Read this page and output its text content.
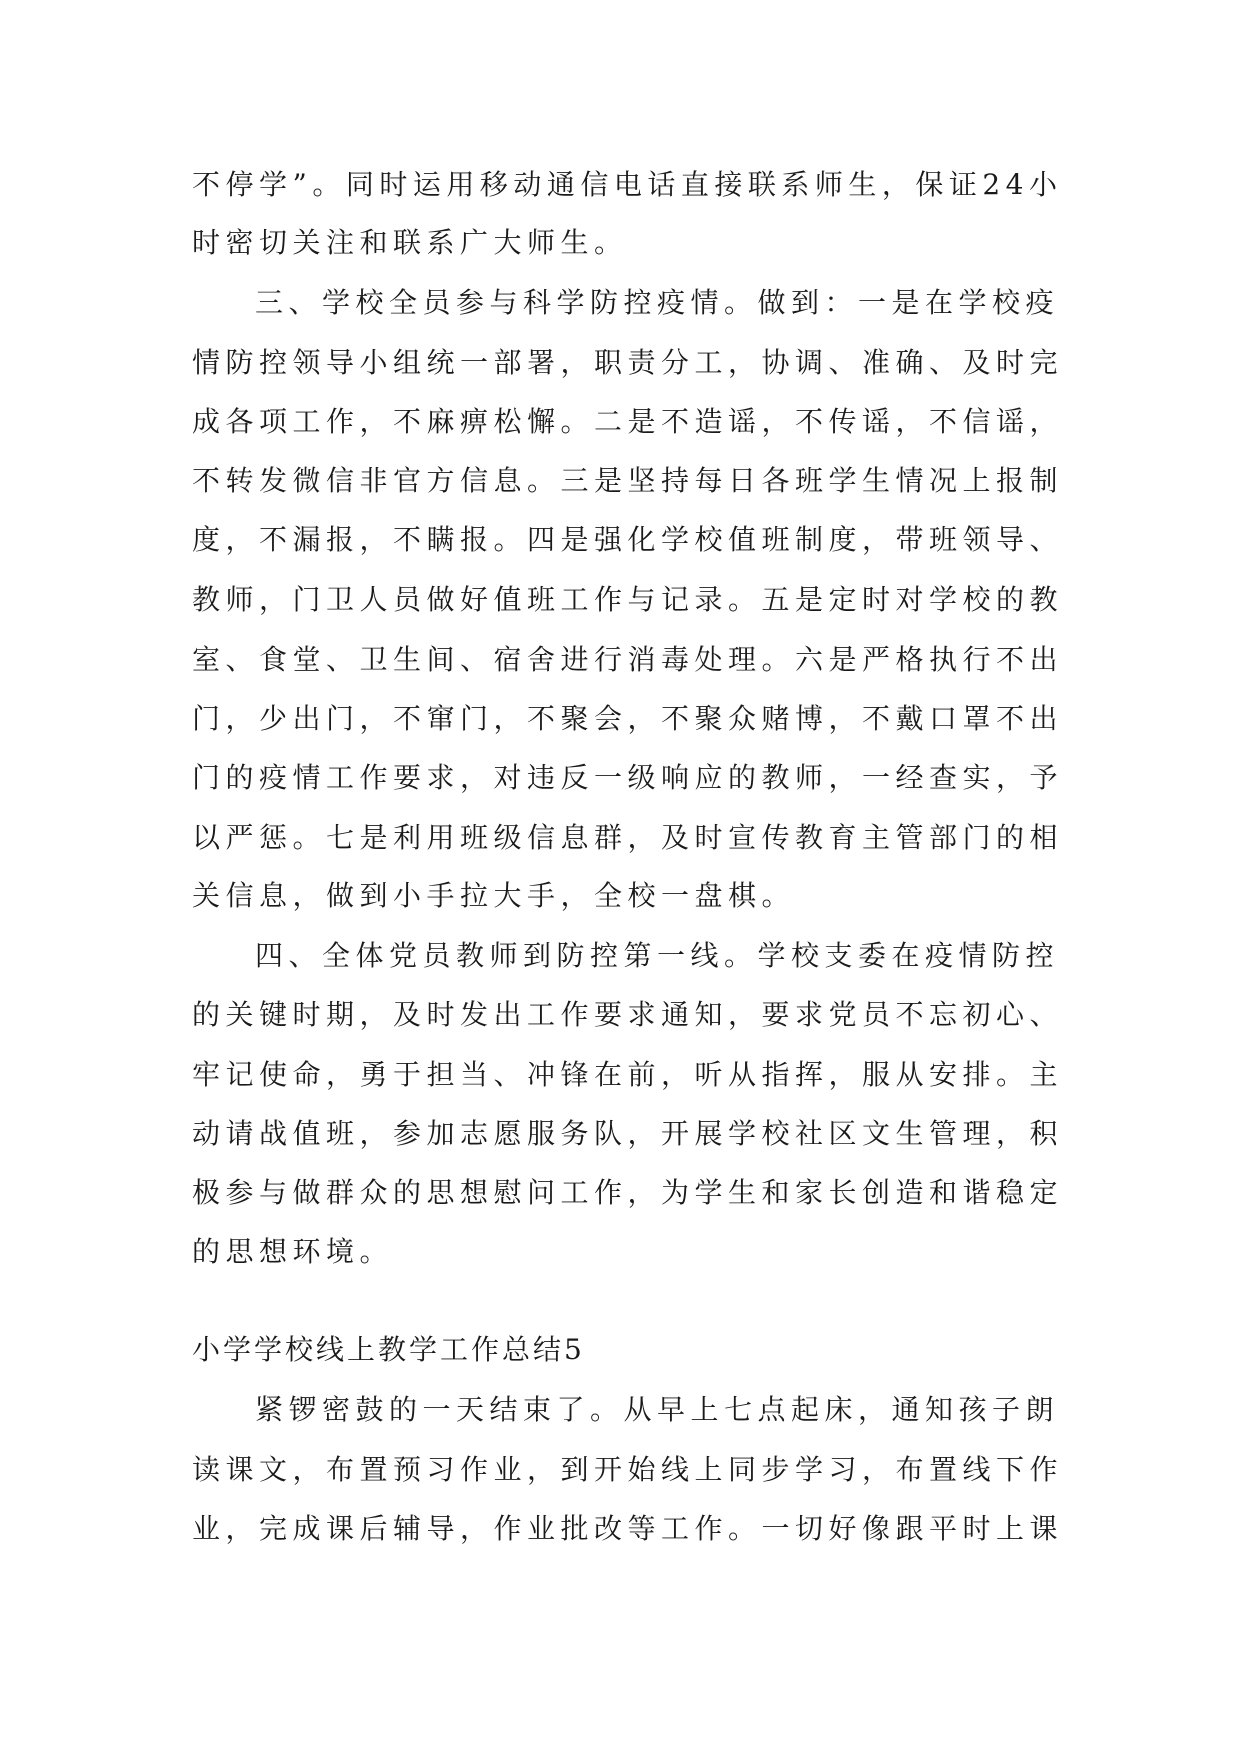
不停学”。同时运用移动通信电话直接联系师生，保证24小
时密切关注和联系广大师生。
三、学校全员参与科学防控疫情。做到：一是在学校疫
情防控领导小组统一部署，职责分工，协调、准确、及时完
成各项工作，不麻痹松懈。二是不造谣，不传谣，不信谣，
不转发微信非官方信息。三是坚持每日各班学生情况上报制
度，不漏报，不瞒报。四是强化学校值班制度，带班领导、
教师，门卫人员做好值班工作与记录。五是定时对学校的教
室、食堂、卫生间、宿舍进行消毒处理。六是严格执行不出
门，少出门，不窜门，不聚会，不聚众赌博，不戴口罩不出
门的疫情工作要求，对违反一级响应的教师，一经查实，予
以严惩。七是利用班级信息群，及时宣传教育主管部门的相
关信息，做到小手拉大手，全校一盘棋。
四、全体党员教师到防控第一线。学校支委在疫情防控
的关键时期，及时发出工作要求通知，要求党员不忘初心、
牢记使命，勇于担当、冲锋在前，听从指挥，服从安排。主
动请战值班，参加志愿服务队，开展学校社区文生管理，积
极参与做群众的思想慰问工作，为学生和家长创造和谐稳定
的思想环境。
小学学校线上教学工作总结5
紧锣密鼓的一天结束了。从早上七点起床，通知孩子朗
读课文，布置预习作业，到开始线上同步学习，布置线下作
业，完成课后辅导，作业批改等工作。一切好像跟平时上课
